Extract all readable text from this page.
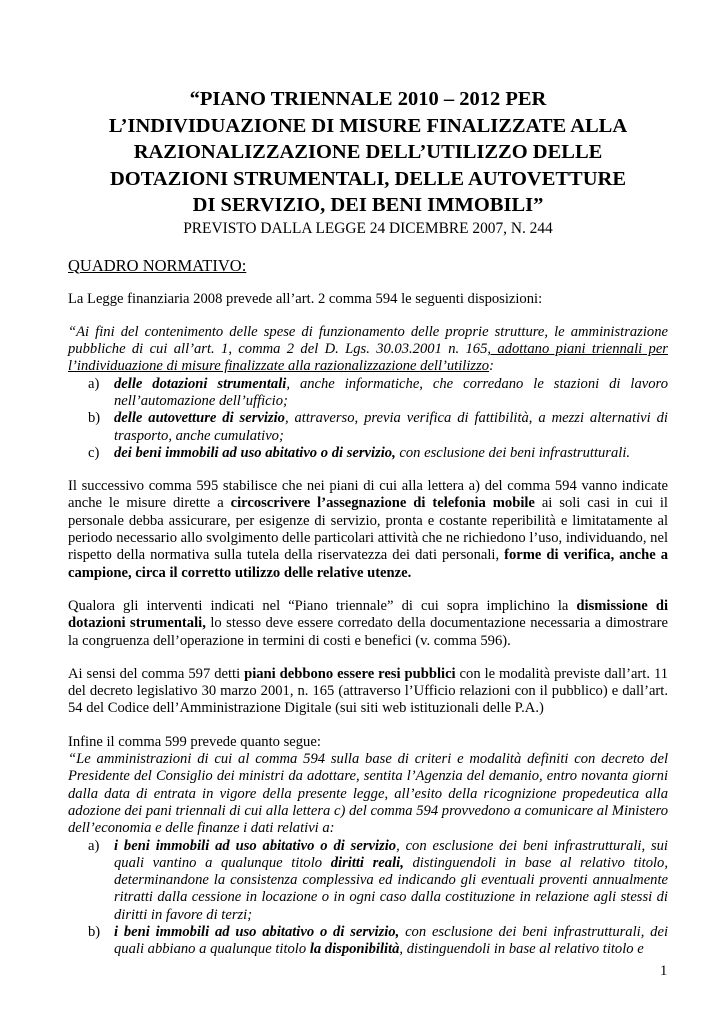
“PIANO TRIENNALE 2010 – 2012 PER
L’INDIVIDUAZIONE DI MISURE FINALIZZATE ALLA
RAZIONALIZZAZIONE DELL’UTILIZZO DELLE
DOTAZIONI STRUMENTALI, DELLE AUTOVETTURE
DI SERVIZIO, DEI BENI IMMOBILI”
PREVISTO DALLA LEGGE 24 DICEMBRE 2007, N. 244
QUADRO NORMATIVO:

La Legge finanziaria 2008 prevede all’art. 2 comma 594 le seguenti disposizioni:

“Ai fini del contenimento delle spese di funzionamento delle proprie strutture, le amministrazione pubbliche di cui all’art. 1, comma 2 del D. Lgs. 30.03.2001 n. 165, adottano piani triennali per l’individuazione di misure finalizzate alla razionalizzazione dell’utilizzo:

a) delle dotazioni strumentali, anche informatiche, che corredano le stazioni di lavoro nell’automazione dell’ufficio;
b) delle autovetture di servizio, attraverso, previa verifica di fattibilità, a mezzi alternativi di trasporto, anche cumulativo;
c) dei beni immobili ad uso abitativo o di servizio, con esclusione dei beni infrastrutturali.

Il successivo comma 595 stabilisce che nei piani di cui alla lettera a) del comma 594 vanno indicate anche le misure dirette a circoscrivere l’assegnazione di telefonia mobile ai soli casi in cui il personale debba assicurare, per esigenze di servizio, pronta e costante reperibilità e limitatamente al periodo necessario allo svolgimento delle particolari attività che ne richiedono l’uso, individuando, nel rispetto della normativa sulla tutela della riservatezza dei dati personali, forme di verifica, anche a campione, circa il corretto utilizzo delle relative utenze.

Qualora gli interventi indicati nel “Piano triennale” di cui sopra implichino la dismissione di dotazioni strumentali, lo stesso deve essere corredato della documentazione necessaria a dimostrare la congruenza dell’operazione in termini di costi e benefici (v. comma 596).

Ai sensi del comma 597 detti piani debbono essere resi pubblici con le modalità previste dall’art. 11 del decreto legislativo 30 marzo 2001, n. 165 (attraverso l’Ufficio relazioni con il pubblico) e dall’art. 54 del Codice dell’Amministrazione Digitale (sui siti web istituzionali delle P.A.)

Infine il comma 599 prevede quanto segue:

“Le amministrazioni di cui al comma 594 sulla base di criteri e modalità definiti con decreto del Presidente del Consiglio dei ministri da adottare, sentita l’Agenzia del demanio, entro novanta giorni dalla data di entrata in vigore della presente legge, all’esito della ricognizione propedeutica alla adozione dei pani triennali di cui alla lettera c) del comma 594 provvedono a comunicare al Ministero dell’economia e delle finanze i dati relativi a:

a) i beni immobili ad uso abitativo o di servizio, con esclusione dei beni infrastrutturali, sui quali vantino a qualunque titolo diritti reali, distinguendoli in base al relativo titolo, determinandone la consistenza complessiva ed indicando gli eventuali proventi annualmente ritratti dalla cessione in locazione o in ogni caso dalla costituzione in relazione agli stessi di diritti in favore di terzi;
b) i beni immobili ad uso abitativo o di servizio, con esclusione dei beni infrastrutturali, dei quali abbiano a qualunque titolo la disponibilità, distinguendoli in base al relativo titolo e
1
